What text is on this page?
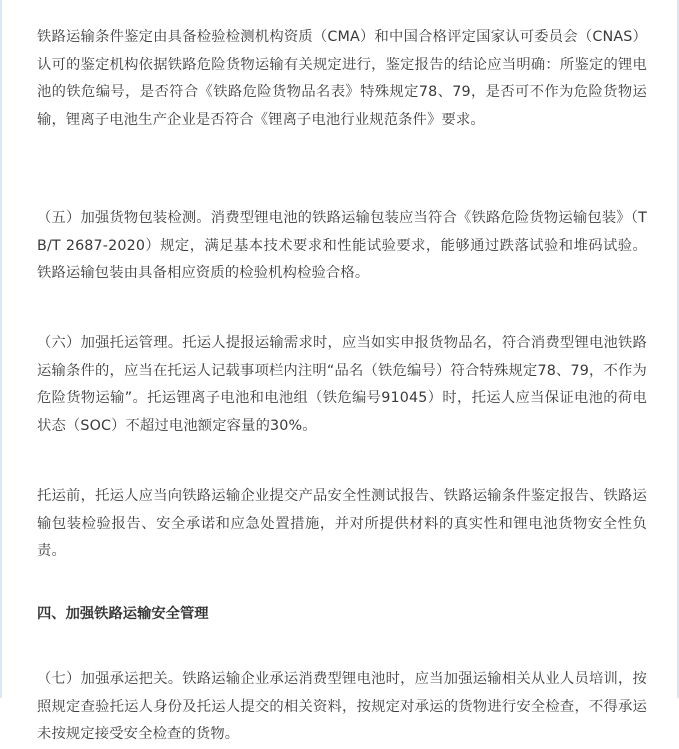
铁路运输条件鉴定由具备检验检测机构资质（CMA）和中国合格评定国家认可委员会（CNAS）认可的鉴定机构依据铁路危险货物运输有关规定进行，鉴定报告的结论应当明确：所鉴定的锂电池的铁危编号，是否符合《铁路危险货物品名表》特殊规定78、79，是否可不作为危险货物运输，锂离子电池生产企业是否符合《锂离子电池行业规范条件》要求。

（五）加强货物包装检测。消费型锂电池的铁路运输包装应当符合《铁路危险货物运输包装》（TB/T 2687-2020）规定，满足基本技术要求和性能试验要求，能够通过跌落试验和堆码试验。铁路运输包装由具备相应资质的检验机构检验合格。

（六）加强托运管理。托运人提报运输需求时，应当如实申报货物品名，符合消费型锂电池铁路运输条件的，应当在托运人记载事项栏内注明“品名（铁危编号）符合特殊规定78、79，不作为危险货物运输”。托运锂离子电池和电池组（铁危编号91045）时，托运人应当保证电池的荷电状态（SOC）不超过电池额定容量的30%。

托运前，托运人应当向铁路运输企业提交产品安全性测试报告、铁路运输条件鉴定报告、铁路运输包装检验报告、安全承诺和应急处置措施，并对所提供材料的真实性和锂电池货物安全性负责。

四、加强铁路运输安全管理

（七）加强承运把关。铁路运输企业承运消费型锂电池时，应当加强运输相关从业人员培训，按照规定查验托运人身份及托运人提交的相关资料，按规定对承运的货物进行安全检查，不得承运未按规定接受安全检查的货物。
